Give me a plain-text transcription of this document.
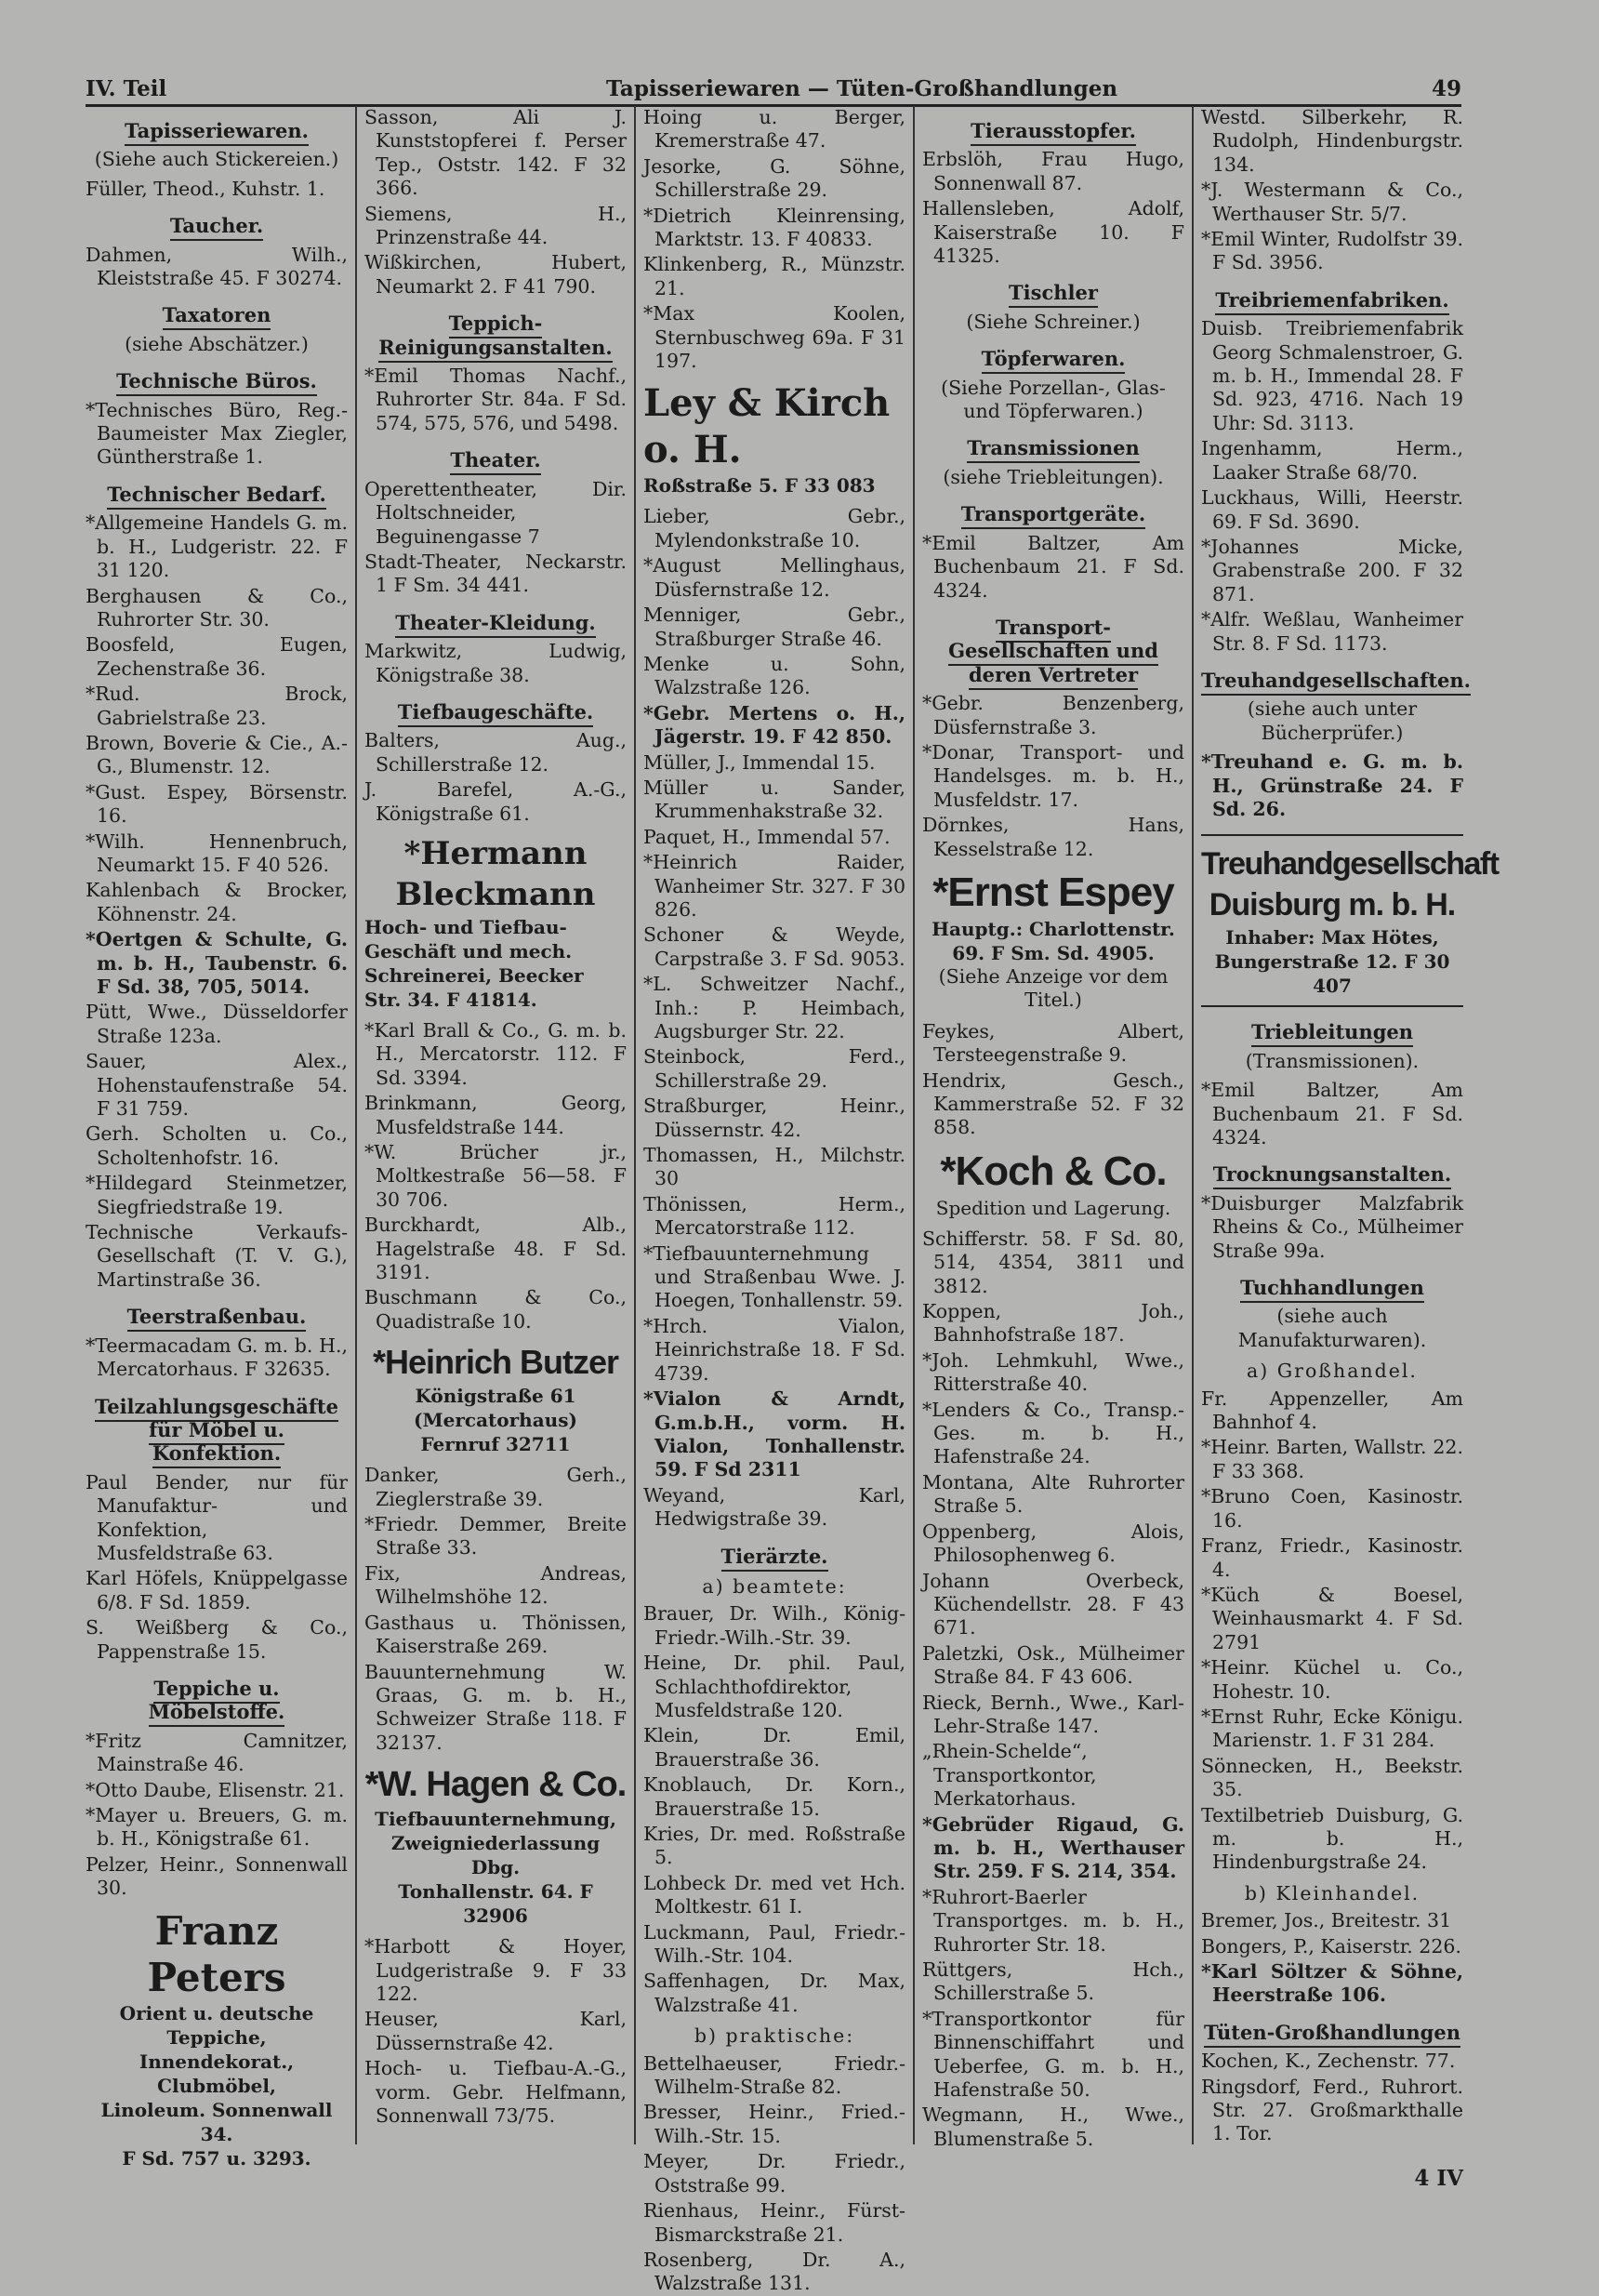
IV. Teil	Tapisseriewaren — Tüten-Großhandlungen	49
Tapisseriewaren.
(Siehe auch Stickereien.)
Füller, Theod., Kuhstr. 1.
Taucher.
Dahmen, Wilh., Kleiststraße 45. F 30274.
Taxatoren
(siehe Abschätzer.)
Technische Büros.
*Technisches Büro, Reg.-Baumeister Max Ziegler, Güntherstraße 1.
Technischer Bedarf.
*Allgemeine Handels G. m. b. H., Ludgeristr. 22. F 31 120.
Berghausen & Co., Ruhrorter Str. 30.
Boosfeld, Eugen, Zechenstraße 36.
*Rud. Brock, Gabrielstraße 23.
Brown, Boverie & Cie., A.-G., Blumenstr. 12.
*Gust. Espey, Börsenstr. 16.
*Wilh. Hennenbruch, Neumarkt 15. F 40 526.
Kahlenbach & Brocker, Köhnenstr. 24.
*Oertgen & Schulte, G. m. b. H., Taubenstr. 6. F Sd. 38, 705, 5014.
Pütt, Wwe., Düsseldorfer Straße 123a.
Sauer, Alex., Hohenstaufenstraße 54. F 31 759.
Gerh. Scholten u. Co., Scholtenhofstr. 16.
*Hildegard Steinmetzer, Siegfriedstraße 19.
Technische Verkaufs-Gesellschaft (T. V. G.), Martinstraße 36.
Teerstraßenbau.
*Teermacadam G. m. b. H., Mercatorhaus. F 32635.
Teilzahlungsgeschäfte für Möbel u. Konfektion.
Paul Bender, nur für Manufaktur- und Konfektion, Musfeldstraße 63.
Karl Höfels, Knüppelgasse 6/8. F Sd. 1859.
S. Weißberg & Co., Pappenstraße 15.
Teppiche u. Möbelstoffe.
*Fritz Camnitzer, Mainstraße 46.
*Otto Daube, Elisenstr. 21.
*Mayer u. Breuers, G. m. b. H., Königstraße 61.
Pelzer, Heinr., Sonnenwall 30.
Franz Peters
Orient u. deutsche Teppiche,
Innendekorat., Clubmöbel,
Linoleum. Sonnenwall 34.
F Sd. 757 u. 3293.
Sasson, Ali J. Kunststopferei f. Perser Tep., Oststr. 142. F 32 366.
Siemens, H., Prinzenstraße 44.
Wißkirchen, Hubert, Neumarkt 2. F 41 790.
Teppich-Reinigungsanstalten.
*Emil Thomas Nachf., Ruhrorter Str. 84a. F Sd. 574, 575, 576, und 5498.
Theater.
Operettentheater, Dir. Holtschneider, Beguinengasse 7
Stadt-Theater, Neckarstr. 1 F Sm. 34 441.
Theater-Kleidung.
Markwitz, Ludwig, Königstraße 38.
Tiefbaugeschäfte.
Balters, Aug., Schillerstraße 12.
J. Barefel, A.-G., Königstraße 61.
*Hermann Bleckmann
Hoch- und Tiefbau-Geschäft und mech. Schreinerei, Beecker Str. 34. F 41814.
*Karl Brall & Co., G. m. b. H., Mercatorstr. 112. F Sd. 3394.
Brinkmann, Georg, Musfeldstraße 144.
*W. Brücher jr., Moltkestraße 56—58. F 30 706.
Burckhardt, Alb., Hagelstraße 48. F Sd. 3191.
Buschmann & Co., Quadistraße 10.
*Heinrich Butzer
Königstraße 61
(Mercatorhaus)
Fernruf 32711
Danker, Gerh., Zieglerstraße 39.
*Friedr. Demmer, Breite Straße 33.
Fix, Andreas, Wilhelmshöhe 12.
Gasthaus u. Thönissen, Kaiserstraße 269.
Bauunternehmung W. Graas, G. m. b. H., Schweizer Straße 118. F 32137.
*W. Hagen & Co.
Tiefbauunternehmung,
Zweigniederlassung Dbg.
Tonhallenstr. 64. F 32906
*Harbott & Hoyer, Ludgeristraße 9. F 33 122.
Heuser, Karl, Düssernstraße 42.
Hoch- u. Tiefbau-A.-G., vorm. Gebr. Helfmann, Sonnenwall 73/75.
Hoing u. Berger, Kremerstraße 47.
Jesorke, G. Söhne, Schillerstraße 29.
*Dietrich Kleinrensing, Marktstr. 13. F 40833.
Klinkenberg, R., Münzstr. 21.
*Max Koolen, Sternbuschweg 69a. F 31 197.
Ley & Kirch o. H.
Roßstraße 5. F 33 083
Lieber, Gebr., Mylendonkstraße 10.
*August Mellinghaus, Düsfernstraße 12.
Menniger, Gebr., Straßburger Straße 46.
Menke u. Sohn, Walzstraße 126.
*Gebr. Mertens o. H., Jägerstr. 19. F 42 850.
Müller, J., Immendal 15.
Müller u. Sander, Krummenhakstraße 32.
Paquet, H., Immendal 57.
*Heinrich Raider, Wanheimer Str. 327. F 30 826.
Schoner & Weyde, Carpstraße 3. F Sd. 9053.
*L. Schweitzer Nachf., Inh.: P. Heimbach, Augsburger Str. 22.
Steinbock, Ferd., Schillerstraße 29.
Straßburger, Heinr., Düssernstr. 42.
Thomassen, H., Milchstr. 30
Thönissen, Herm., Mercatorstraße 112.
*Tiefbauunternehmung und Straßenbau Wwe. J. Hoegen, Tonhallenstr. 59.
*Hrch. Vialon, Heinrichstraße 18. F Sd. 4739.
*Vialon & Arndt, G.m.b.H., vorm. H. Vialon, Tonhallenstr. 59. F Sd 2311
Weyand, Karl, Hedwigstraße 39.
Tierärzte.
a) beamtete:
Brauer, Dr. Wilh., König-Friedr.-Wilh.-Str. 39.
Heine, Dr. phil. Paul, Schlachthofdirektor, Musfeldstraße 120.
Klein, Dr. Emil, Brauerstraße 36.
Knoblauch, Dr. Korn., Brauerstraße 15.
Kries, Dr. med. Roßstraße 5.
Lohbeck Dr. med vet Hch. Moltkestr. 61 I.
Luckmann, Paul, Friedr.-Wilh.-Str. 104.
Saffenhagen, Dr. Max, Walzstraße 41.
b) praktische:
Bettelhaeuser, Friedr.-Wilhelm-Straße 82.
Bresser, Heinr., Fried.-Wilh.-Str. 15.
Meyer, Dr. Friedr., Oststraße 99.
Rienhaus, Heinr., Fürst-Bismarckstraße 21.
Rosenberg, Dr. A., Walzstraße 131.
Tierausstopfer.
Erbslöh, Frau Hugo, Sonnenwall 87.
Hallensleben, Adolf, Kaiserstraße 10. F 41325.
Tischler
(Siehe Schreiner.)
Töpferwaren.
(Siehe Porzellan-, Glas- und Töpferwaren.)
Transmissionen
(siehe Triebleitungen).
Transportgeräte.
*Emil Baltzer, Am Buchenbaum 21. F Sd. 4324.
Transport-Gesellschaften und deren Vertreter
*Gebr. Benzenberg, Düsfernstraße 3.
*Donar, Transport- und Handelsges. m. b. H., Musfeldstr. 17.
Dörnkes, Hans, Kesselstraße 12.
*Ernst Espey
Hauptg.: Charlottenstr. 69. F Sm. Sd. 4905.
(Siehe Anzeige vor dem Titel.)
Feykes, Albert, Tersteegenstraße 9.
Hendrix, Gesch., Kammerstraße 52. F 32 858.
*Koch & Co.
Spedition und Lagerung.
Schifferstr. 58. F Sd. 80, 514, 4354, 3811 und 3812.
Koppen, Joh., Bahnhofstraße 187.
*Joh. Lehmkuhl, Wwe., Ritterstraße 40.
*Lenders & Co., Transp.-Ges. m. b. H., Hafenstraße 24.
Montana, Alte Ruhrorter Straße 5.
Oppenberg, Alois, Philosophenweg 6.
Johann Overbeck, Küchendellstr. 28. F 43 671.
Paletzki, Osk., Mülheimer Straße 84. F 43 606.
Rieck, Bernh., Wwe., Karl-Lehr-Straße 147.
„Rhein-Schelde“, Transportkontor, Merkatorhaus.
*Gebrüder Rigaud, G. m. b. H., Werthauser Str. 259. F S. 214, 354.
*Ruhrort-Baerler Transportges. m. b. H., Ruhrorter Str. 18.
Rüttgers, Hch., Schillerstraße 5.
*Transportkontor für Binnenschiffahrt und Ueberfee, G. m. b. H., Hafenstraße 50.
Wegmann, H., Wwe., Blumenstraße 5.
Westd. Silberkehr, R. Rudolph, Hindenburgstr. 134.
*J. Westermann & Co., Werthauser Str. 5/7.
*Emil Winter, Rudolfstr 39. F Sd. 3956.
Treibriemenfabriken.
Duisb. Treibriemenfabrik Georg Schmalenstroer, G. m. b. H., Immendal 28. F Sd. 923, 4716. Nach 19 Uhr: Sd. 3113.
Ingenhamm, Herm., Laaker Straße 68/70.
Luckhaus, Willi, Heerstr. 69. F Sd. 3690.
*Johannes Micke, Grabenstraße 200. F 32 871.
*Alfr. Weßlau, Wanheimer Str. 8. F Sd. 1173.
Treuhandgesellschaften.
(siehe auch unter Bücherprüfer.)
*Treuhand e. G. m. b. H., Grünstraße 24. F Sd. 26.
Treuhandgesellschaft
Duisburg m. b. H.
Inhaber: Max Hötes,
Bungerstraße 12. F 30 407
Triebleitungen
(Transmissionen).
*Emil Baltzer, Am Buchenbaum 21. F Sd. 4324.
Trocknungsanstalten.
*Duisburger Malzfabrik Rheins & Co., Mülheimer Straße 99a.
Tuchhandlungen
(siehe auch Manufakturwaren).
a) Großhandel.
Fr. Appenzeller, Am Bahnhof 4.
*Heinr. Barten, Wallstr. 22. F 33 368.
*Bruno Coen, Kasinostr. 16.
Franz, Friedr., Kasinostr. 4.
*Küch & Boesel, Weinhausmarkt 4. F Sd. 2791
*Heinr. Küchel u. Co., Hohestr. 10.
*Ernst Ruhr, Ecke Königu. Marienstr. 1. F 31 284.
Sönnecken, H., Beekstr. 35.
Textilbetrieb Duisburg, G. m. b. H., Hindenburgstraße 24.
b) Kleinhandel.
Bremer, Jos., Breitestr. 31
Bongers, P., Kaiserstr. 226.
*Karl Söltzer & Söhne, Heerstraße 106.
Tüten-Großhandlungen
Kochen, K., Zechenstr. 77.
Ringsdorf, Ferd., Ruhrort. Str. 27. Großmarkthalle 1. Tor.
4 IV
